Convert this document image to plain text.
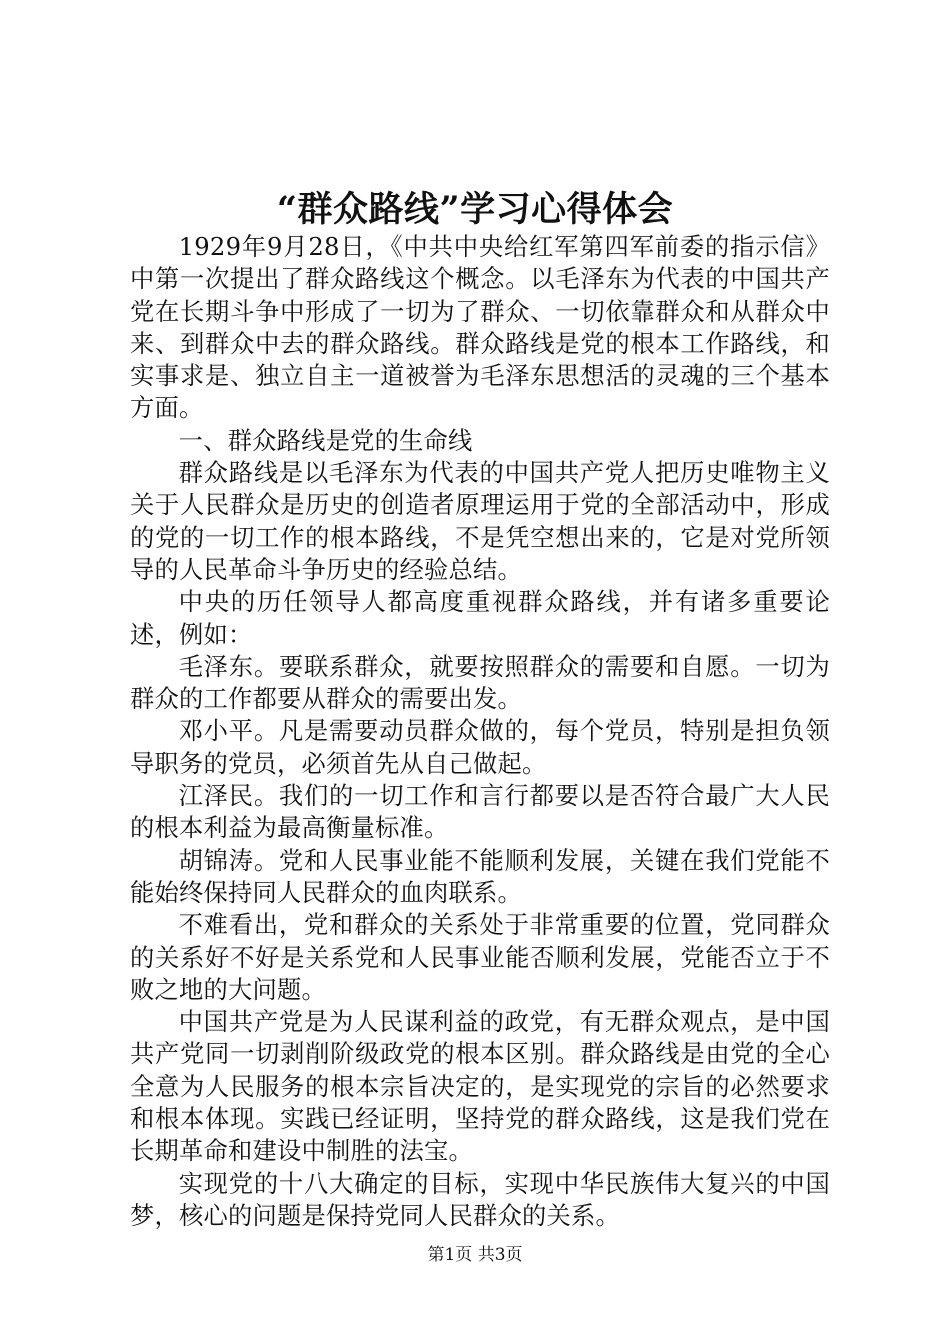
“群众路线”学习心得体会

1929年9月28日，《中共中央给红军第四军前委的指示信》中第一次提出了群众路线这个概念。以毛泽东为代表的中国共产党在长期斗争中形成了一切为了群众、一切依靠群众和从群众中来、到群众中去的群众路线。群众路线是党的根本工作路线，和实事求是、独立自主一道被誉为毛泽东思想活的灵魂的三个基本方面。

一、群众路线是党的生命线

群众路线是以毛泽东为代表的中国共产党人把历史唯物主义关于人民群众是历史的创造者原理运用于党的全部活动中，形成的党的一切工作的根本路线，不是凭空想出来的，它是对党所领导的人民革命斗争历史的经验总结。

中央的历任领导人都高度重视群众路线，并有诸多重要论述，例如：

毛泽东。要联系群众，就要按照群众的需要和自愿。一切为群众的工作都要从群众的需要出发。

邓小平。凡是需要动员群众做的，每个党员，特别是担负领导职务的党员，必须首先从自己做起。

江泽民。我们的一切工作和言行都要以是否符合最广大人民的根本利益为最高衡量标准。

胡锦涛。党和人民事业能不能顺利发展，关键在我们党能不能始终保持同人民群众的血肉联系。

不难看出，党和群众的关系处于非常重要的位置，党同群众的关系好不好是关系党和人民事业能否顺利发展，党能否立于不败之地的大问题。

中国共产党是为人民谋利益的政党，有无群众观点，是中国共产党同一切剥削阶级政党的根本区别。群众路线是由党的全心全意为人民服务的根本宗旨决定的，是实现党的宗旨的必然要求和根本体现。实践已经证明，坚持党的群众路线，这是我们党在长期革命和建设中制胜的法宝。

实现党的十八大确定的目标，实现中华民族伟大复兴的中国梦，核心的问题是保持党同人民群众的关系。

第1页 共3页
